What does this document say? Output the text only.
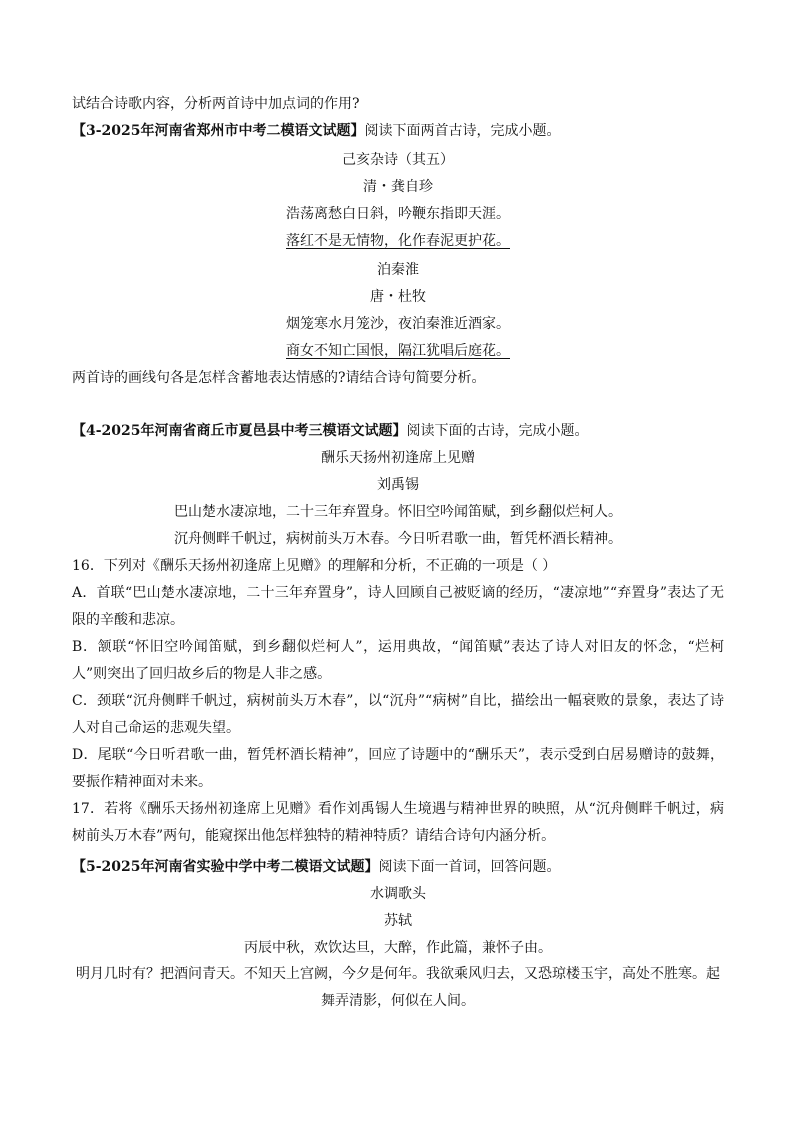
试结合诗歌内容，分析两首诗中加点词的作用?
【3-2025年河南省郑州市中考二模语文试题】阅读下面两首古诗，完成小题。
己亥杂诗（其五）
清・龚自珍
浩荡离愁白日斜，吟鞭东指即天涯。
落红不是无情物，化作春泥更护花。
泊秦淮
唐・杜牧
烟笼寒水月笼沙，夜泊秦淮近酒家。
商女不知亡国恨，隔江犹唱后庭花。
两首诗的画线句各是怎样含蓄地表达情感的?请结合诗句简要分析。
【4-2025年河南省商丘市夏邑县中考三模语文试题】阅读下面的古诗，完成小题。
酬乐天扬州初逢席上见赠
刘禹锡
巴山楚水凄凉地，二十三年弃置身。怀旧空吟闻笛赋，到乡翻似烂柯人。
沉舟侧畔千帆过，病树前头万木春。今日听君歌一曲，暂凭杯酒长精神。
16．下列对《酬乐天扬州初逢席上见赠》的理解和分析，不正确的一项是（ ）
A．首联“巴山楚水凄凉地，二十三年弃置身”，诗人回顾自己被贬谪的经历，“凄凉地”“弃置身”表达了无限的辛酸和悲凉。
B．颔联“怀旧空吟闻笛赋，到乡翻似烂柯人”，运用典故，“闻笛赋”表达了诗人对旧友的怀念，“烂柯人”则突出了回归故乡后的物是人非之感。
C．颈联“沉舟侧畔千帆过，病树前头万木春”，以“沉舟”“病树”自比，描绘出一幅衰败的景象，表达了诗人对自己命运的悲观失望。
D．尾联“今日听君歌一曲，暂凭杯酒长精神”，回应了诗题中的“酬乐天”，表示受到白居易赠诗的鼓舞，要振作精神面对未来。
17．若将《酬乐天扬州初逢席上见赠》看作刘禹锡人生境遇与精神世界的映照，从“沉舟侧畔千帆过，病树前头万木春”两句，能窥探出他怎样独特的精神特质？请结合诗句内涵分析。
【5-2025年河南省实验中学中考二模语文试题】阅读下面一首词，回答问题。
水调歌头
苏轼
丙辰中秋，欢饮达旦，大醉，作此篇，兼怀子由。
明月几时有？把酒问青天。不知天上宫阙，今夕是何年。我欲乘风归去，又恐琼楼玉宇，高处不胜寒。起舞弄清影，何似在人间。
